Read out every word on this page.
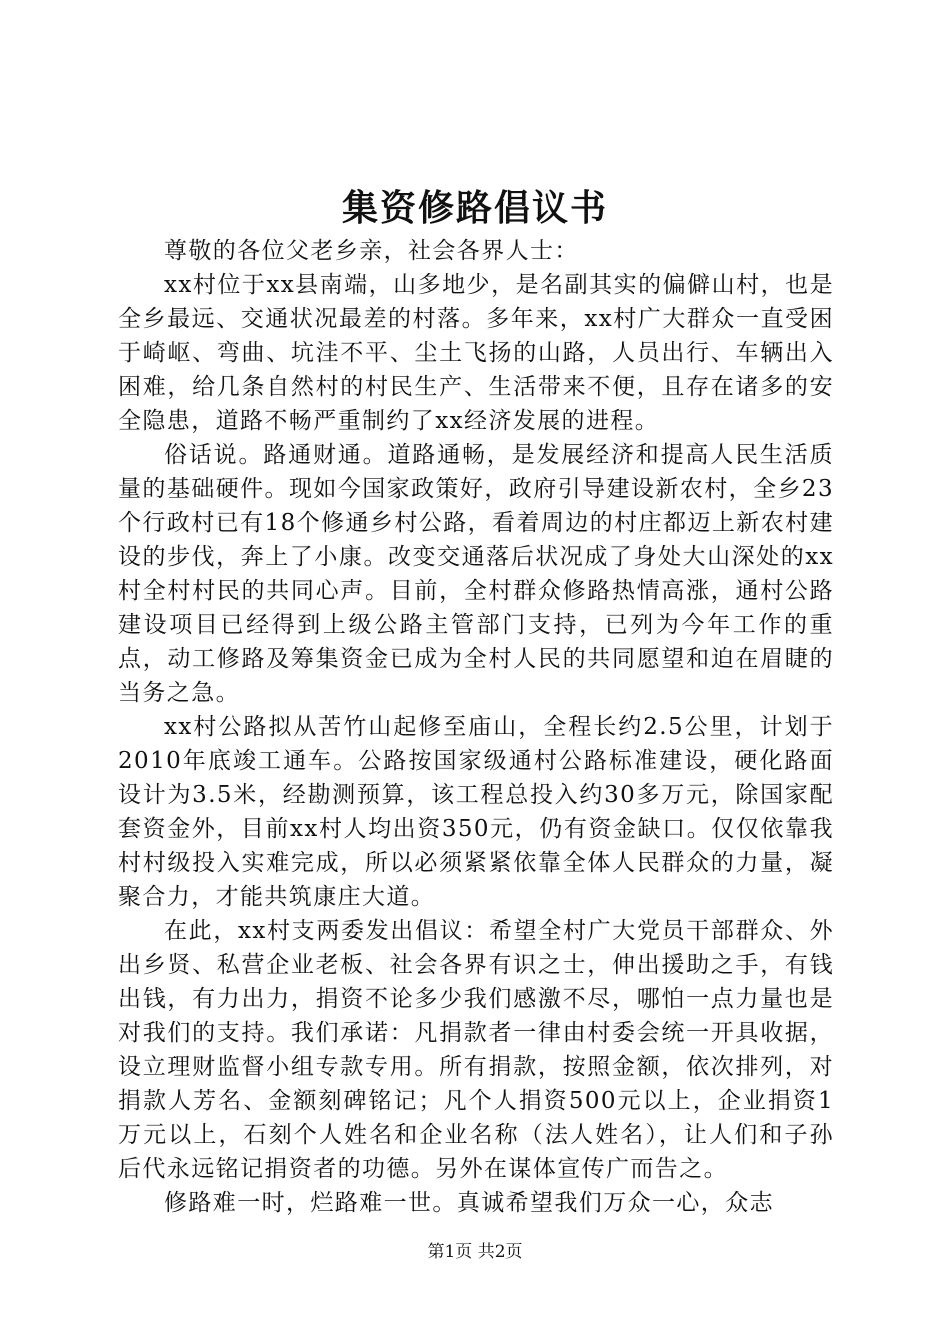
集资修路倡议书

尊敬的各位父老乡亲，社会各界人士：

xx村位于xx县南端，山多地少，是名副其实的偏僻山村，也是全乡最远、交通状况最差的村落。多年来，xx村广大群众一直受困于崎岖、弯曲、坑洼不平、尘土飞扬的山路，人员出行、车辆出入困难，给几条自然村的村民生产、生活带来不便，且存在诸多的安全隐患，道路不畅严重制约了xx经济发展的进程。

俗话说。路通财通。道路通畅，是发展经济和提高人民生活质量的基础硬件。现如今国家政策好，政府引导建设新农村，全乡23个行政村已有18个修通乡村公路，看着周边的村庄都迈上新农村建设的步伐，奔上了小康。改变交通落后状况成了身处大山深处的xx村全村村民的共同心声。目前，全村群众修路热情高涨，通村公路建设项目已经得到上级公路主管部门支持，已列为今年工作的重点，动工修路及筹集资金已成为全村人民的共同愿望和迫在眉睫的当务之急。

xx村公路拟从苦竹山起修至庙山，全程长约2.5公里，计划于2010年底竣工通车。公路按国家级通村公路标准建设，硬化路面设计为3.5米，经勘测预算，该工程总投入约30多万元，除国家配套资金外，目前xx村人均出资350元，仍有资金缺口。仅仅依靠我村村级投入实难完成，所以必须紧紧依靠全体人民群众的力量，凝聚合力，才能共筑康庄大道。

在此，xx村支两委发出倡议：希望全村广大党员干部群众、外出乡贤、私营企业老板、社会各界有识之士，伸出援助之手，有钱出钱，有力出力，捐资不论多少我们感激不尽，哪怕一点力量也是对我们的支持。我们承诺：凡捐款者一律由村委会统一开具收据，设立理财监督小组专款专用。所有捐款，按照金额，依次排列，对捐款人芳名、金额刻碑铭记；凡个人捐资500元以上，企业捐资1万元以上，石刻个人姓名和企业名称（法人姓名），让人们和子孙后代永远铭记捐资者的功德。另外在谋体宣传广而告之。

修路难一时，烂路难一世。真诚希望我们万众一心，众志

第1页 共2页
